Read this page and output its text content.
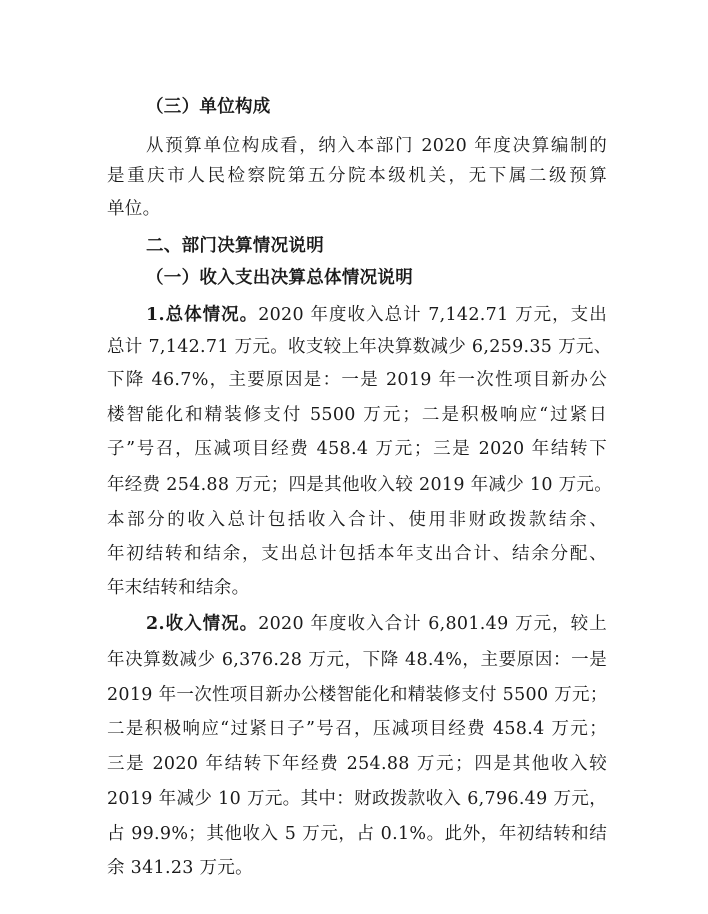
（三）单位构成
从预算单位构成看，纳入本部门 2020 年度决算编制的
是重庆市人民检察院第五分院本级机关，无下属二级预算
单位。
二、部门决算情况说明
（一）收入支出决算总体情况说明
1.总体情况。2020 年度收入总计 7,142.71 万元，支出
总计 7,142.71 万元。收支较上年决算数减少 6,259.35 万元、
下降 46.7%，主要原因是：一是 2019 年一次性项目新办公
楼智能化和精装修支付 5500 万元；二是积极响应“过紧日
子”号召，压减项目经费 458.4 万元；三是 2020 年结转下
年经费 254.88 万元；四是其他收入较 2019 年减少 10 万元。
本部分的收入总计包括收入合计、使用非财政拨款结余、
年初结转和结余，支出总计包括本年支出合计、结余分配、
年末结转和结余。
2.收入情况。2020 年度收入合计 6,801.49 万元，较上
年决算数减少 6,376.28 万元，下降 48.4%，主要原因：一是
2019 年一次性项目新办公楼智能化和精装修支付 5500 万元；
二是积极响应“过紧日子”号召，压减项目经费 458.4 万元；
三是 2020 年结转下年经费 254.88 万元；四是其他收入较
2019 年减少 10 万元。其中：财政拨款收入 6,796.49 万元，
占 99.9%；其他收入 5 万元，占 0.1%。此外，年初结转和结
余 341.23 万元。
